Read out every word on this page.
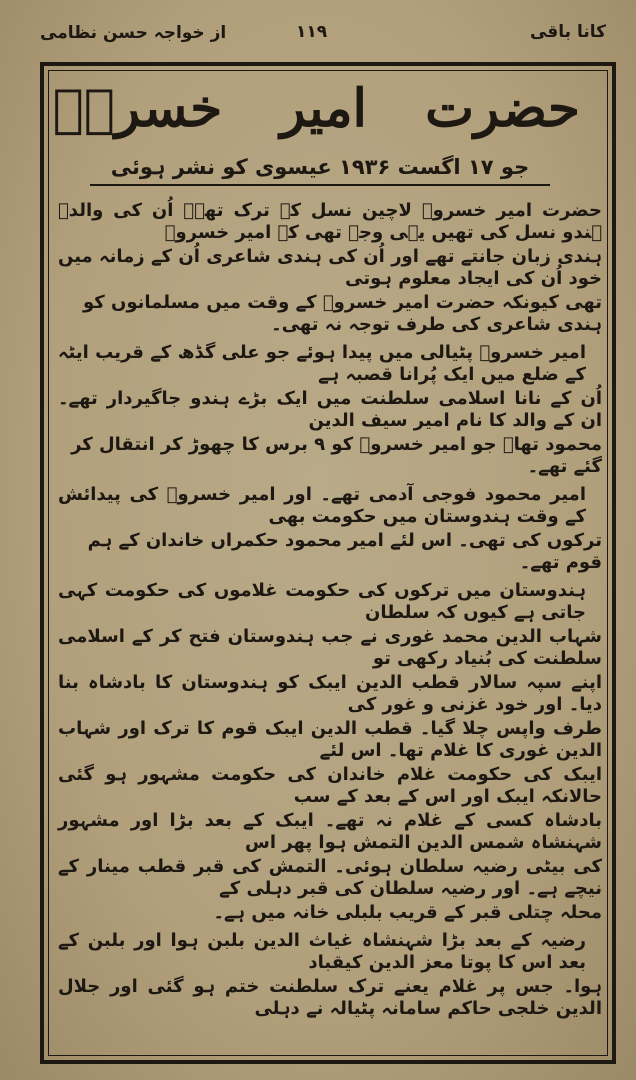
کانا باقی
۱۱۹
از خواجہ حسن نظامی
حضرت امیر خسروؒ
جو ۱۷ اگست ۱۹۳۶ عیسوی کو نشر ہوئی
حضرت امیر خسروؒ لاچین نسل کے ترک تھے۔ اُن کی والدہ ہندو نسل کی تھیں یہی وجہ تھی کہ امیر خسروؒ
ہندی زبان جانتے تھے اور اُن کی ہندی شاعری اُن کے زمانہ میں خود اُن کی ایجاد معلوم ہوتی
تھی کیونکہ حضرت امیر خسروؒ کے وقت میں مسلمانوں کو ہندی شاعری کی طرف توجہ نہ تھی۔
امیر خسروؒ پٹیالی میں پیدا ہوئے جو علی گڈھ کے قریب ایٹہ کے ضلع میں ایک پُرانا قصبہ ہے
اُن کے نانا اسلامی سلطنت میں ایک بڑے ہندو جاگیردار تھے۔ ان کے والد کا نام امیر سیف الدین
محمود تھا۔ جو امیر خسروؒ کو ۹ برس کا چھوڑ کر انتقال کر گئے تھے۔
امیر محمود فوجی آدمی تھے۔ اور امیر خسروؒ کی پیدائش کے وقت ہندوستان میں حکومت بھی
ترکوں کی تھی۔ اس لئے امیر محمود حکمراں خاندان کے ہم قوم تھے۔
ہندوستان میں ترکوں کی حکومت غلاموں کی حکومت کہی جاتی ہے کیوں کہ سلطان
شہاب الدین محمد غوری نے جب ہندوستان فتح کر کے اسلامی سلطنت کی بُنیاد رکھی تو
اپنے سپہ سالار قطب الدین ایبک کو ہندوستان کا بادشاہ بنا دیا۔ اور خود غزنی و غور کی
طرف واپس چلا گیا۔ قطب الدین ایبک قوم کا ترک اور شہاب الدین غوری کا غلام تھا۔ اس لئے
ایبک کی حکومت غلام خاندان کی حکومت مشہور ہو گئی حالانکہ ایبک اور اس کے بعد کے سب
بادشاہ کسی کے غلام نہ تھے۔ ایبک کے بعد بڑا اور مشہور شہنشاہ شمس الدین التمش ہوا پھر اس
کی بیٹی رضیہ سلطان ہوئی۔ التمش کی قبر قطب مینار کے نیچے ہے۔ اور رضیہ سلطان کی قبر دہلی کے
محلہ چتلی قبر کے قریب بلبلی خانہ میں ہے۔
رضیہ کے بعد بڑا شہنشاہ غیاث الدین بلبن ہوا اور بلبن کے بعد اس کا پوتا معز الدین کیقباد
ہوا۔ جس پر غلام یعنے ترک سلطنت ختم ہو گئی اور جلال الدین خلجی حاکم سامانہ پٹیالہ نے دہلی
